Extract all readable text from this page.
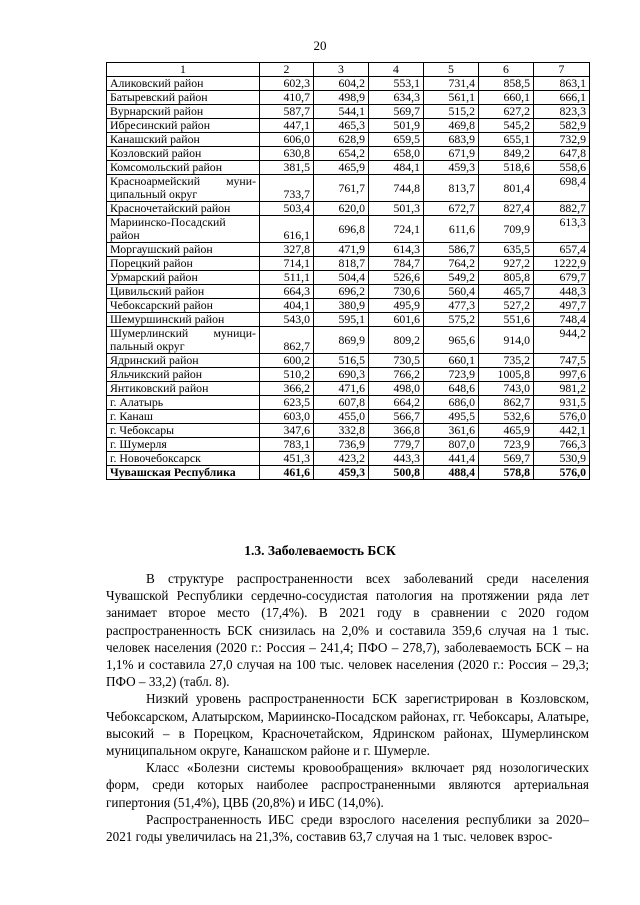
20
1	2	3	4	5	6	7
Аликовский район	602,3	604,2	553,1	731,4	858,5	863,1
Батыревский район	410,7	498,9	634,3	561,1	660,1	666,1
Вурнарский район	587,7	544,1	569,7	515,2	627,2	823,3
Ибресинский район	447,1	465,3	501,9	469,8	545,2	582,9
Канашский район	606,0	628,9	659,5	683,9	655,1	732,9
Козловский район	630,8	654,2	658,0	671,9	849,2	647,8
Комсомольский район	381,5	465,9	484,1	459,3	518,6	558,6

Красноармейский муни-
ципальный округ	733,7	761,7	744,8	813,7	801,4	698,4
Красночетайский район	503,4	620,0	501,3	672,7	827,4	882,7

Мариинско-Посадский
район	616,1	696,8	724,1	611,6	709,9	613,3
Моргаушский район	327,8	471,9	614,3	586,7	635,5	657,4
Порецкий район	714,1	818,7	784,7	764,2	927,2	1222,9
Урмарский район	511,1	504,4	526,6	549,2	805,8	679,7
Цивильский район	664,3	696,2	730,6	560,4	465,7	448,3
Чебоксарский район	404,1	380,9	495,9	477,3	527,2	497,7
Шемуршинский район	543,0	595,1	601,6	575,2	551,6	748,4

Шумерлинский муници-
пальный округ	862,7	869,9	809,2	965,6	914,0	944,2
Ядринский район	600,2	516,5	730,5	660,1	735,2	747,5
Яльчикский район	510,2	690,3	766,2	723,9	1005,8	997,6
Янтиковский район	366,2	471,6	498,0	648,6	743,0	981,2
г. Алатырь	623,5	607,8	664,2	686,0	862,7	931,5
г. Канаш	603,0	455,0	566,7	495,5	532,6	576,0
г. Чебоксары	347,6	332,8	366,8	361,6	465,9	442,1
г. Шумерля	783,1	736,9	779,7	807,0	723,9	766,3
г. Новочебоксарск	451,3	423,2	443,3	441,4	569,7	530,9
Чувашская Республика	461,6	459,3	500,8	488,4	578,8	576,0
1.3. Заболеваемость БСК

В структуре распространенности всех заболеваний среди населения Чувашской Республики сердечно-сосудистая патология на протяжении ряда лет занимает второе место (17,4%). В 2021 году в сравнении с 2020 годом распространенность БСК снизилась на 2,0% и составила 359,6 случая на 1 тыс. человек населения (2020 г.: Россия – 241,4; ПФО – 278,7), заболеваемость БСК – на 1,1% и составила 27,0 случая на 100 тыс. человек населения (2020 г.: Россия – 29,3; ПФО – 33,2) (табл. 8).

Низкий уровень распространенности БСК зарегистрирован в Козловском, Чебоксарском, Алатырском, Мариинско-Посадском районах, гг. Чебоксары, Алатыре, высокий – в Порецком, Красночетайском, Ядринском районах, Шумерлинском муниципальном округе, Канашском районе и г. Шумерле.

Класс «Болезни системы кровообращения» включает ряд нозологических форм, среди которых наиболее распространенными являются артериальная гипертония (51,4%), ЦВБ (20,8%) и ИБС (14,0%).

Распространенность ИБС среди взрослого населения республики за 2020–2021 годы увеличилась на 21,3%, составив 63,7 случая на 1 тыс. человек взрос-
